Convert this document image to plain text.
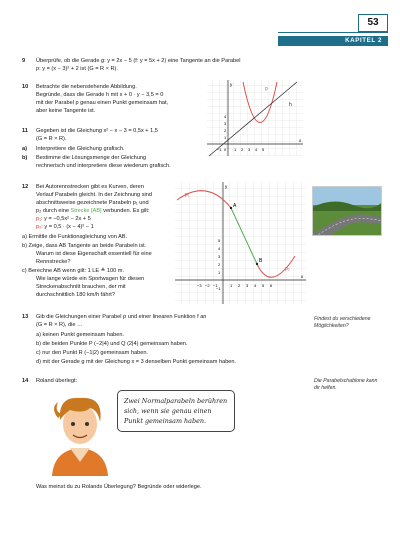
53
KAPITEL 2
9 Überprüfe, ob die Gerade g: y = 2x − 5 (f: y = 5x + 2) eine Tangente an die Parabel
p: y = (x − 3)² + 2 ist (G = R × R).
10 Betrachte die nebenstehende Abbildung.
Begründe, dass die Gerade h mit x + 0 · y − 3,5 = 0
mit der Parabel p genau einen Punkt gemeinsam hat,
aber keine Tangente ist.
11 Gegeben ist die Gleichung x² − x − 3 = 0,5x + 1,5
(G = R × R).
a) Interpretiere die Gleichung grafisch.
b) Bestimme die Lösungsmenge der Gleichung
rechnerisch und interpretiere diese wiederum grafisch.
p
h
y
x
0
−1	1 2 3 4 5
4
3
2
1
12 Bei Autorennstrecken gibt es Kurven, deren
Verlauf Parabeln gleicht. In der Zeichnung sind
abschnittsweise gezeichnete Parabeln p₁ und
p₂ durch eine Strecke [AB] verbunden. Es gilt:
p₁: y = −0,5x² − 2x + 5
p₂: y = 0,5 · (x − 4)² − 1
a) Ermittle die Funktionsgleichung von AB.
b) Zeige, dass AB Tangente an beide Parabeln ist.
Warum ist diese Eigenschaft essentiell für eine
Rennstrecke?
c) Berechne AB wenn gilt: 1 LE ≙ 100 m.
Wie lange würde ein Sportwagen für diesen
Streckenabschnitt brauchen, der mit
durchschnittlich 180 km/h fährt?
A
B
p₁
p₂
y
x
−3 −2 −1	1 2 3 4 5 6
5
4
3
2
1
−1
13 Gib die Gleichungen einer Parabel p und einer linearen Funktion f an
(G = R × R), die …
a) keinen Punkt gemeinsam haben.
b) die beiden Punkte P (−2|4) und Q (2|4) gemeinsam haben.
c) nur den Punkt R (−1|2) gemeinsam haben.
d) mit der Gerade g mit der Gleichung x = 3 denselben Punkt gemeinsam haben.
Findest du verschiedene
Möglichkeiten?
14 Roland überlegt:	Die Parabelschablone kann
dir helfen.
Zwei Normalparabeln berühren
sich, wenn sie genau einen
Punkt gemeinsam haben.
Was meinst du zu Rolands Überlegung? Begründe oder widerlege.
